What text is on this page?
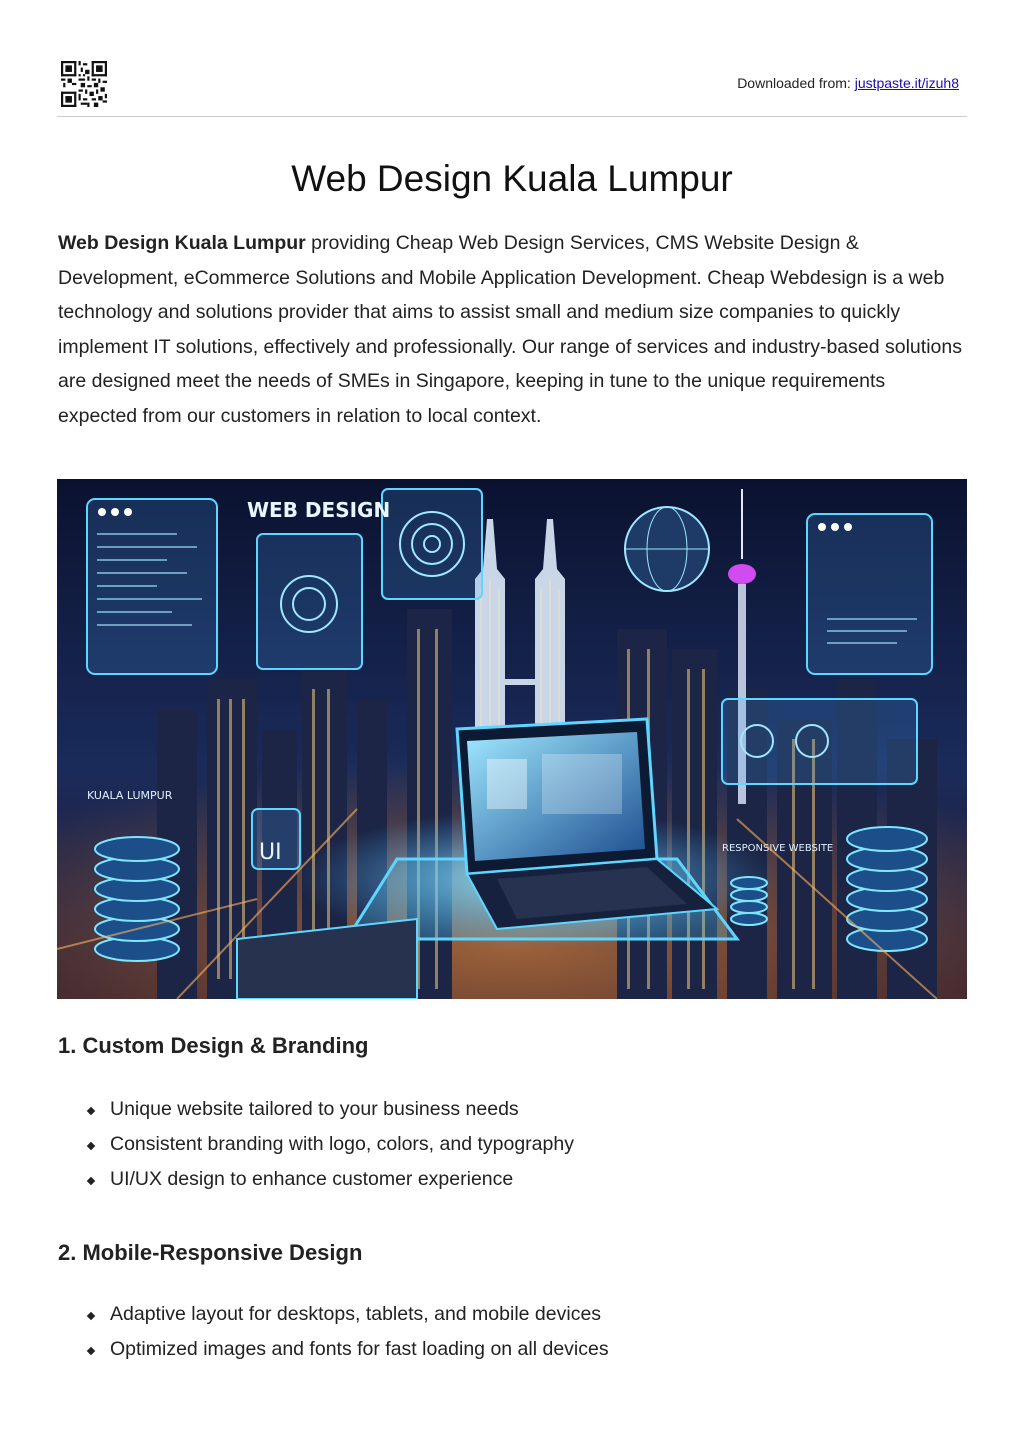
Downloaded from: justpaste.it/izuh8
Web Design Kuala Lumpur

Web Design Kuala Lumpur providing Cheap Web Design Services, CMS Website Design & Development, eCommerce Solutions and Mobile Application Development. Cheap Webdesign is a web technology and solutions provider that aims to assist small and medium size companies to quickly implement IT solutions, effectively and professionally. Our range of services and industry-based solutions are designed meet the needs of SMEs in Singapore, keeping in tune to the unique requirements expected from our customers in relation to local context.

WEB DESIGN
UI
KUALA LUMPUR
RESPONSIVE WEBSITE
1. Custom Design & Branding
Unique website tailored to your business needs
Consistent branding with logo, colors, and typography
UI/UX design to enhance customer experience
2. Mobile-Responsive Design
Adaptive layout for desktops, tablets, and mobile devices
Optimized images and fonts for fast loading on all devices
